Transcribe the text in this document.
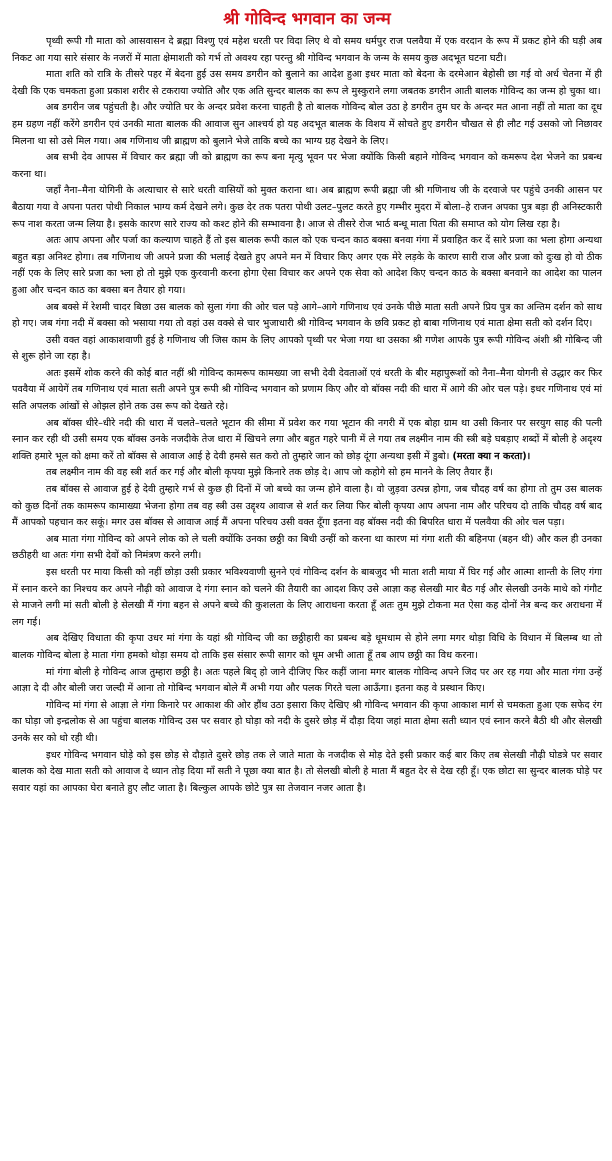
श्री गोविन्द भगवान का जन्म

पृथ्वी रूपी गौ माता को आसवासन दे ब्रह्मा विश्णु एवं महेश धरती पर विदा लिए थे वो समय धर्मपुर राज पलवैया में एक वरदान के रूप में प्रकट होने की घड़ी अब निकट आ गया सारे संसार के नजरों में माता क्षेमाशती को गर्भ तो अवश्य रहा परन्तु श्री गोविन्द भगवान के जन्म के समय कुछ अदभूत घटना घटी।

माता शति को रात्रि के तीसरे पहर में बेदना हुई उस समय डगरीन को बुलाने का आदेश हुआ इधर माता को बेदना के दरमेआन बेहोसी छा गई वो अर्ध चेतना में ही देखी कि एक चमकता हुआ प्रकाश शरीर से टकराया ज्योति और एक अति सुन्दर बालक का रूप ले मुस्कुराने लगा जबतक डगरीन आती बालक गोविन्द का जन्म हो चुका था।

अब डगरीन जब पहुंचती है। और ज्योति घर के अन्दर प्रवेश करना चाहती है तो बालक गोविन्द बोल उठा हे डगरीन तुम घर के अन्दर मत आना नहीं तो माता का दूध हम ग्रहण नहीं करेंगे डगरीन एवं उनकी माता बालक की आवाज सुन आश्चर्य हो यह अदभूत बालक के विशय में सोचते हुए डगरीन चौखत से ही लौट गई उसको जो निछावर मिलना था सो उसे मिल गया। अब गणिनाथ जी ब्राह्मण को बुलाने भेजे ताकि बच्चे का भाग्य ग्रह देखने के लिए।

अब सभी देव आपस में विचार कर ब्रह्मा जी को ब्राह्मण का रूप बना मृत्यु भूवन पर भेजा क्योंकि किसी बहाने गोविन्द भगवान को कमरूप देश भेजने का प्रबन्ध करना था।

जहाँ नैना–मैना योगिनी के अत्याचार से सारे धरती वासियों को मुक्त कराना था। अब ब्राह्मण रूपी ब्रह्मा जी श्री गणिनाथ जी के दरवाजे पर पहुंचे उनकी आसन पर बैठाया गया वे अपना पतरा पोथी निकाल भाग्य कर्म देखने लगे। कुछ देर तक पतरा पोथी उलट–पुलट करते हुए गम्भीर मुदरा में बोला–हे राजन अपका पुत्र बड़ा ही अनिस्टकारी रूप नाश करता जन्म लिया है। इसके कारण सारे राज्य को कश्ट होने की सम्भावना है। आज से तीसरे रोज भार्ठ बन्धू माता पिता की समाप्त को योग लिख रहा है।

अतः आप अपना और पर्जा का कल्याण चाहते हैं तो इस बालक रूपी काल को एक चन्दन काठ बक्सा बनवा गंगा में प्रवाहित कर दें सारे प्रजा का भला होगा अन्यथा बहुत बड़ा अनिश्ट होगा। तब गणिनाथ जी अपने प्रजा की भलाई देखते हुए अपने मन में विचार किए अगर एक मेरे लड़के के कारण सारी राज और प्रजा को दुःख हो वो ठीक नहीं एक के लिए सारे प्रजा का भ्ला हो तो मुझे एक कुरवानी करना होगा ऐसा विचार कर अपने एक सेवा को आदेश किए चन्दन काठ के बक्सा बनवाने का आदेश का पालन हुआ और चन्दन काठ का बक्सा बन तैयार हो गया।

अब बक्से में रेशमी चादर बिछा उस बालक को सुला गंगा की ओर चल पड़े आगे–आगे गणिनाथ एवं उनके पीछे माता सती अपने प्रिय पुत्र का अन्तिम दर्शन को साथ हो गए। जब गंगा नदी में बक्सा को भसाया गया तो वहां उस वक्से से चार भुजाधारी श्री गोविन्द भगवान के छवि प्रकट हो बाबा गणिनाथ एवं माता क्षेमा सती को दर्शन दिए।

उसी वक्त वहां आकाशवाणी हुई हे गणिनाथ जी जिस काम के लिए आपको पृथ्वी पर भेजा गया था उसका श्री गणेश आपके पुत्र रूपी गोविन्द अंशी श्री गोबिन्द जी से शुरू होने जा रहा है।

अतः इसमें शोक करने की कोई बात नहीं श्री गोविन्द कामरूप कामख्या जा सभी देवी देवताओं एवं धरती के बीर महापुरूशों को नैना–मैना योगनी से उद्धार कर फिर पववैया में आयेगें तब गणिनाथ एवं माता सती अपने पुत्र रूपी श्री गोविन्द भगवान को प्रणाम किए और वो बॉक्स नदी की धारा में आगे की ओर चल पड़े। इधर गणिनाथ एवं मां सति अपलक आंखों से ओझल होने तक उस रूप को देखते रहे।

अब बॉक्स धीरे–धीरे नदी की धारा में चलते–चलते भूटान की सीमा में प्रवेश कर गया भूटान की नगरी में एक बोहा ग्राम था उसी किनार पर सरयुग साह की पत्नी स्नान कर रही थी उसी समय एक बॉक्स उनके नजदीके तेज धारा में खिचने लगा और बहुत गहरे पानी में ले गया तब लक्ष्मीन नाम की स्त्री बड़े घबड़ाए शब्दों में बोली हे अदृश्य शक्ति हमारे भूल को क्षमा करें तो बॉक्स से आवाज आई हे देवी हमसे सत करो तो तुम्हारे जान को छोड़ दूंगा अन्यथा इसी में डुबो। (मरता क्या न करता)।

तब लक्ष्मीन नाम की वह स्त्री शर्त कर गई और बोली कृपया मुझे किनारे तक छोड़ दे। आप जो कहोगे सो हम मानने के लिए तैयार हैं।

तब बॉक्स से आवाज हुई हे देवी तुम्हारे गर्भ से कुछ ही दिनों में जो बच्चे का जन्म होने वाला है। वो जुड़वा उत्पन्न होगा, जब चौदह वर्ष का होगा तो तुम उस बालक को कुछ दिनों तक कामरूप कामाख्या भेजना होगा तब वह स्त्री उस उद्दृश्य आवाज से शर्त कर लिया फिर बोली कृपया आप अपना नाम और परिचय दो ताकि चौदह वर्ष बाद मैं आपको पहचान कर सकूं। मगर उस बॉक्स से आवाज आई मैं अपना परिचय उसी वक्त दूँगा इतना वह बॉक्स नदी की बिपरित धारा में पलवैया की ओर चल पड़ा।

अब माता गंगा गोविन्द को अपने लोक को ले चली क्योंकि उनका छठ्ठी का बिधी उन्हीं को करना था कारण मां गंगा शती की बहिनपा (बहन थी) और कल ही उनका छठीहरी था अतः गंगा सभी देवों को निमंत्रण करने लगी।

इस धरती पर माया किसी को नहीं छोड़ा उसी प्रकार भविश्यवाणी सुनने एवं गोविन्द दर्शन के बाबजुद भी माता शती माया में घिर गई और आत्मा शान्ती के लिए गंगा में स्नान करने का निश्चय कर अपने नौढ़ी को आवाज दे गंगा स्नान को चलने की तैयारी का आदश किए उसे आज्ञा कह सेलखी मार बैठ गई और सेलखी उनके माथे को गंगौट से माजने लगी मां सती बोली हे सेलखी मैं गंगा बहन से अपने बच्चे की कुशलता के लिए आराधना करता हूँ अतः तुम मुझे टोकना मत ऐसा कह दोनों नेत्र बन्द कर अराधना में लग गई।

अब देखिए विधाता की कृपा उधर मां गंगा के यहां श्री गोविन्द जी का छठ्ठीहारी का प्रबन्ध बड़े धूमधाम से होने लगा मगर थोड़ा विधि के विधान में बिलम्ब था तो बालक गोविन्द बोला हे माता गंगा हमको थोड़ा समय दो ताकि इस संसार रूपी सागर को धूम अभी आता हूँ तब आप छठ्ठी का विध करना।

मां गंगा बोली हे गोविन्द आज तुम्हारा छठ्ठी है। अतः पहले बिद् हो जाने दीजिए फिर कहीं जाना मगर बालक गोविन्द अपने जिद पर अर रह गया और माता गंगा उन्हें आज्ञा दे दी और बोली जरा जल्दी में आना तो गोबिन्द भगवान बोले मैं अभी गया और पलक गिरते चला आऊँगा। इतना कह वे प्रस्थान किए।

गोविन्द मां गंगा से आज्ञा ले गंगा किनारे पर आकाश की ओर हौंथ उठा इसारा किए देखिए श्री गोविन्द भगवान की कृपा आकाश मार्ग से चमकता हुआ एक सफेद रंग का घोड़ा जो इन्द्रलोक से आ पहुंचा बालक गोविन्द उस पर सवार हो घोड़ा को नदी के दुसरे छोड़ में दौड़ा दिया जहां माता क्षेमा सती ध्यान एवं स्नान करने बैठी थी और सेलखी उनके सर को धो रही थी।

इधर गोविन्द भगवान घोड़े को इस छोड़ से दौड़ाते दुसरे छोड़ तक ले जाते माता के नजदीक से मोड़ देते इसी प्रकार कई बार किए तब सेलखी नौढ़ी घोडत्रे पर सवार बालक को देख माता सती को आवाज दे ध्यान तोड़ दिया माँ सती ने पूछा क्या बात है। तो सेलखी बोली हे माता मैं बहुत देर से देख रही हूँ। एक छोटा सा सुन्दर बालक घोड़े पर सवार यहां का आपका घेरा बनाते हुए लौट जाता है। बिल्कुल आपके छोटे पुत्र सा तेजवान नजर आता है।
